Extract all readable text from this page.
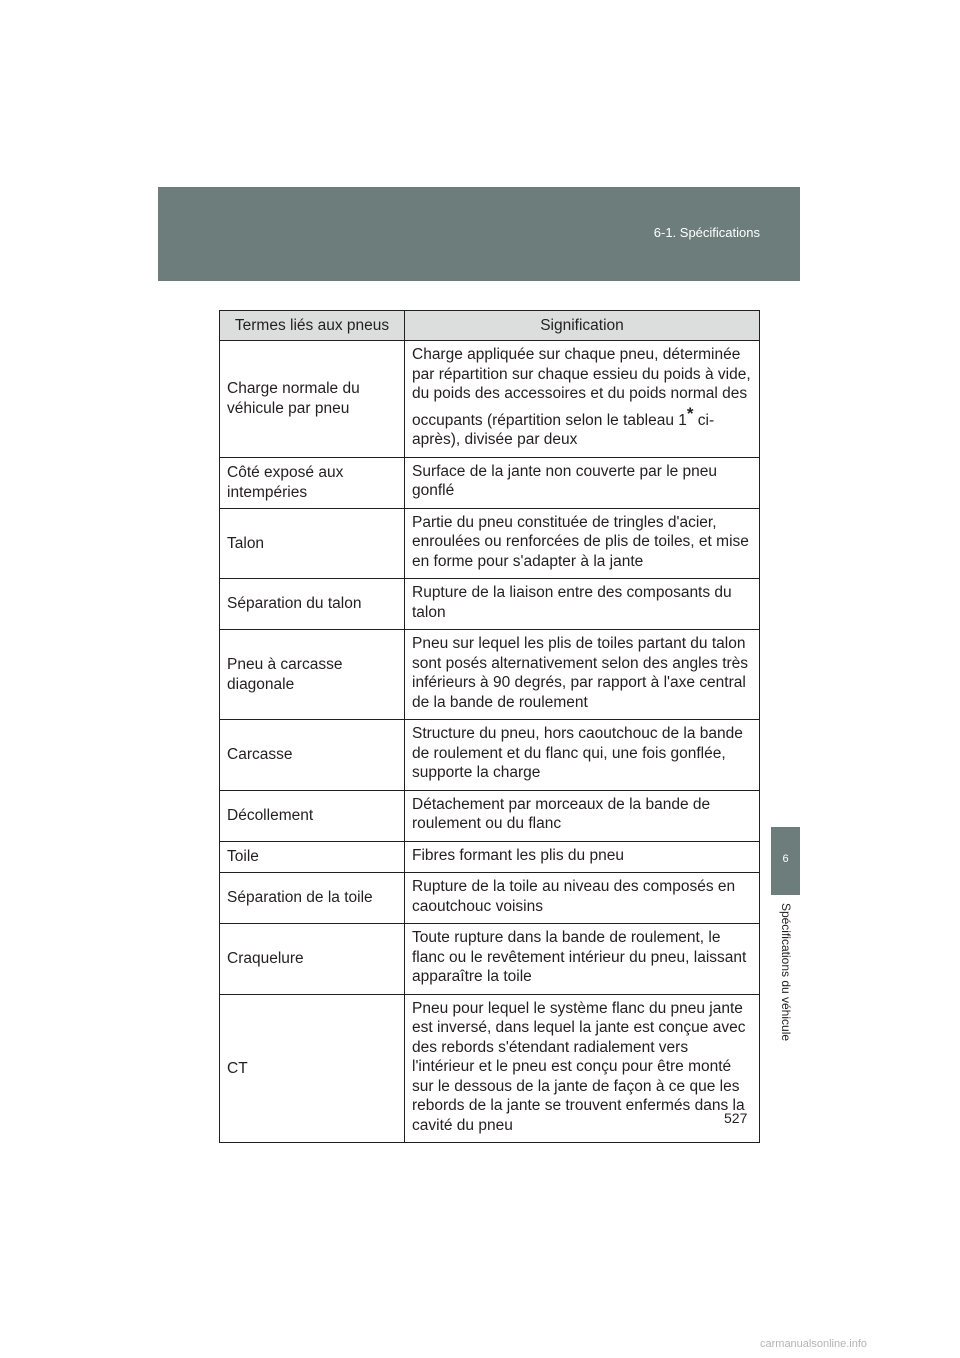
6-1. Spécifications
6
Spécifications du véhicule
Termes liés aux pneus	Signification
Charge normale du véhicule par pneu	Charge appliquée sur chaque pneu, déterminée par répartition sur chaque essieu du poids à vide, du poids des accessoires et du poids normal des occupants (répartition selon le tableau 1* ci-après), divisée par deux
Côté exposé aux intempéries	Surface de la jante non couverte par le pneu gonflé
Talon	Partie du pneu constituée de tringles d'acier, enroulées ou renforcées de plis de toiles, et mise en forme pour s'adapter à la jante
Séparation du talon	Rupture de la liaison entre des composants du talon
Pneu à carcasse diagonale	Pneu sur lequel les plis de toiles partant du talon sont posés alternativement selon des angles très inférieurs à 90 degrés, par rapport à l'axe central de la bande de roulement
Carcasse	Structure du pneu, hors caoutchouc de la bande de roulement et du flanc qui, une fois gonflée, supporte la charge
Décollement	Détachement par morceaux de la bande de roulement ou du flanc
Toile	Fibres formant les plis du pneu
Séparation de la toile	Rupture de la toile au niveau des composés en caoutchouc voisins
Craquelure	Toute rupture dans la bande de roulement, le flanc ou le revêtement intérieur du pneu, laissant apparaître la toile
CT	Pneu pour lequel le système flanc du pneu jante est inversé, dans lequel la jante est conçue avec des rebords s'étendant radialement vers l'intérieur et le pneu est conçu pour être monté sur le dessous de la jante de façon à ce que les rebords de la jante se trouvent enfermés dans la cavité du pneu	527
carmanualsonline.info
